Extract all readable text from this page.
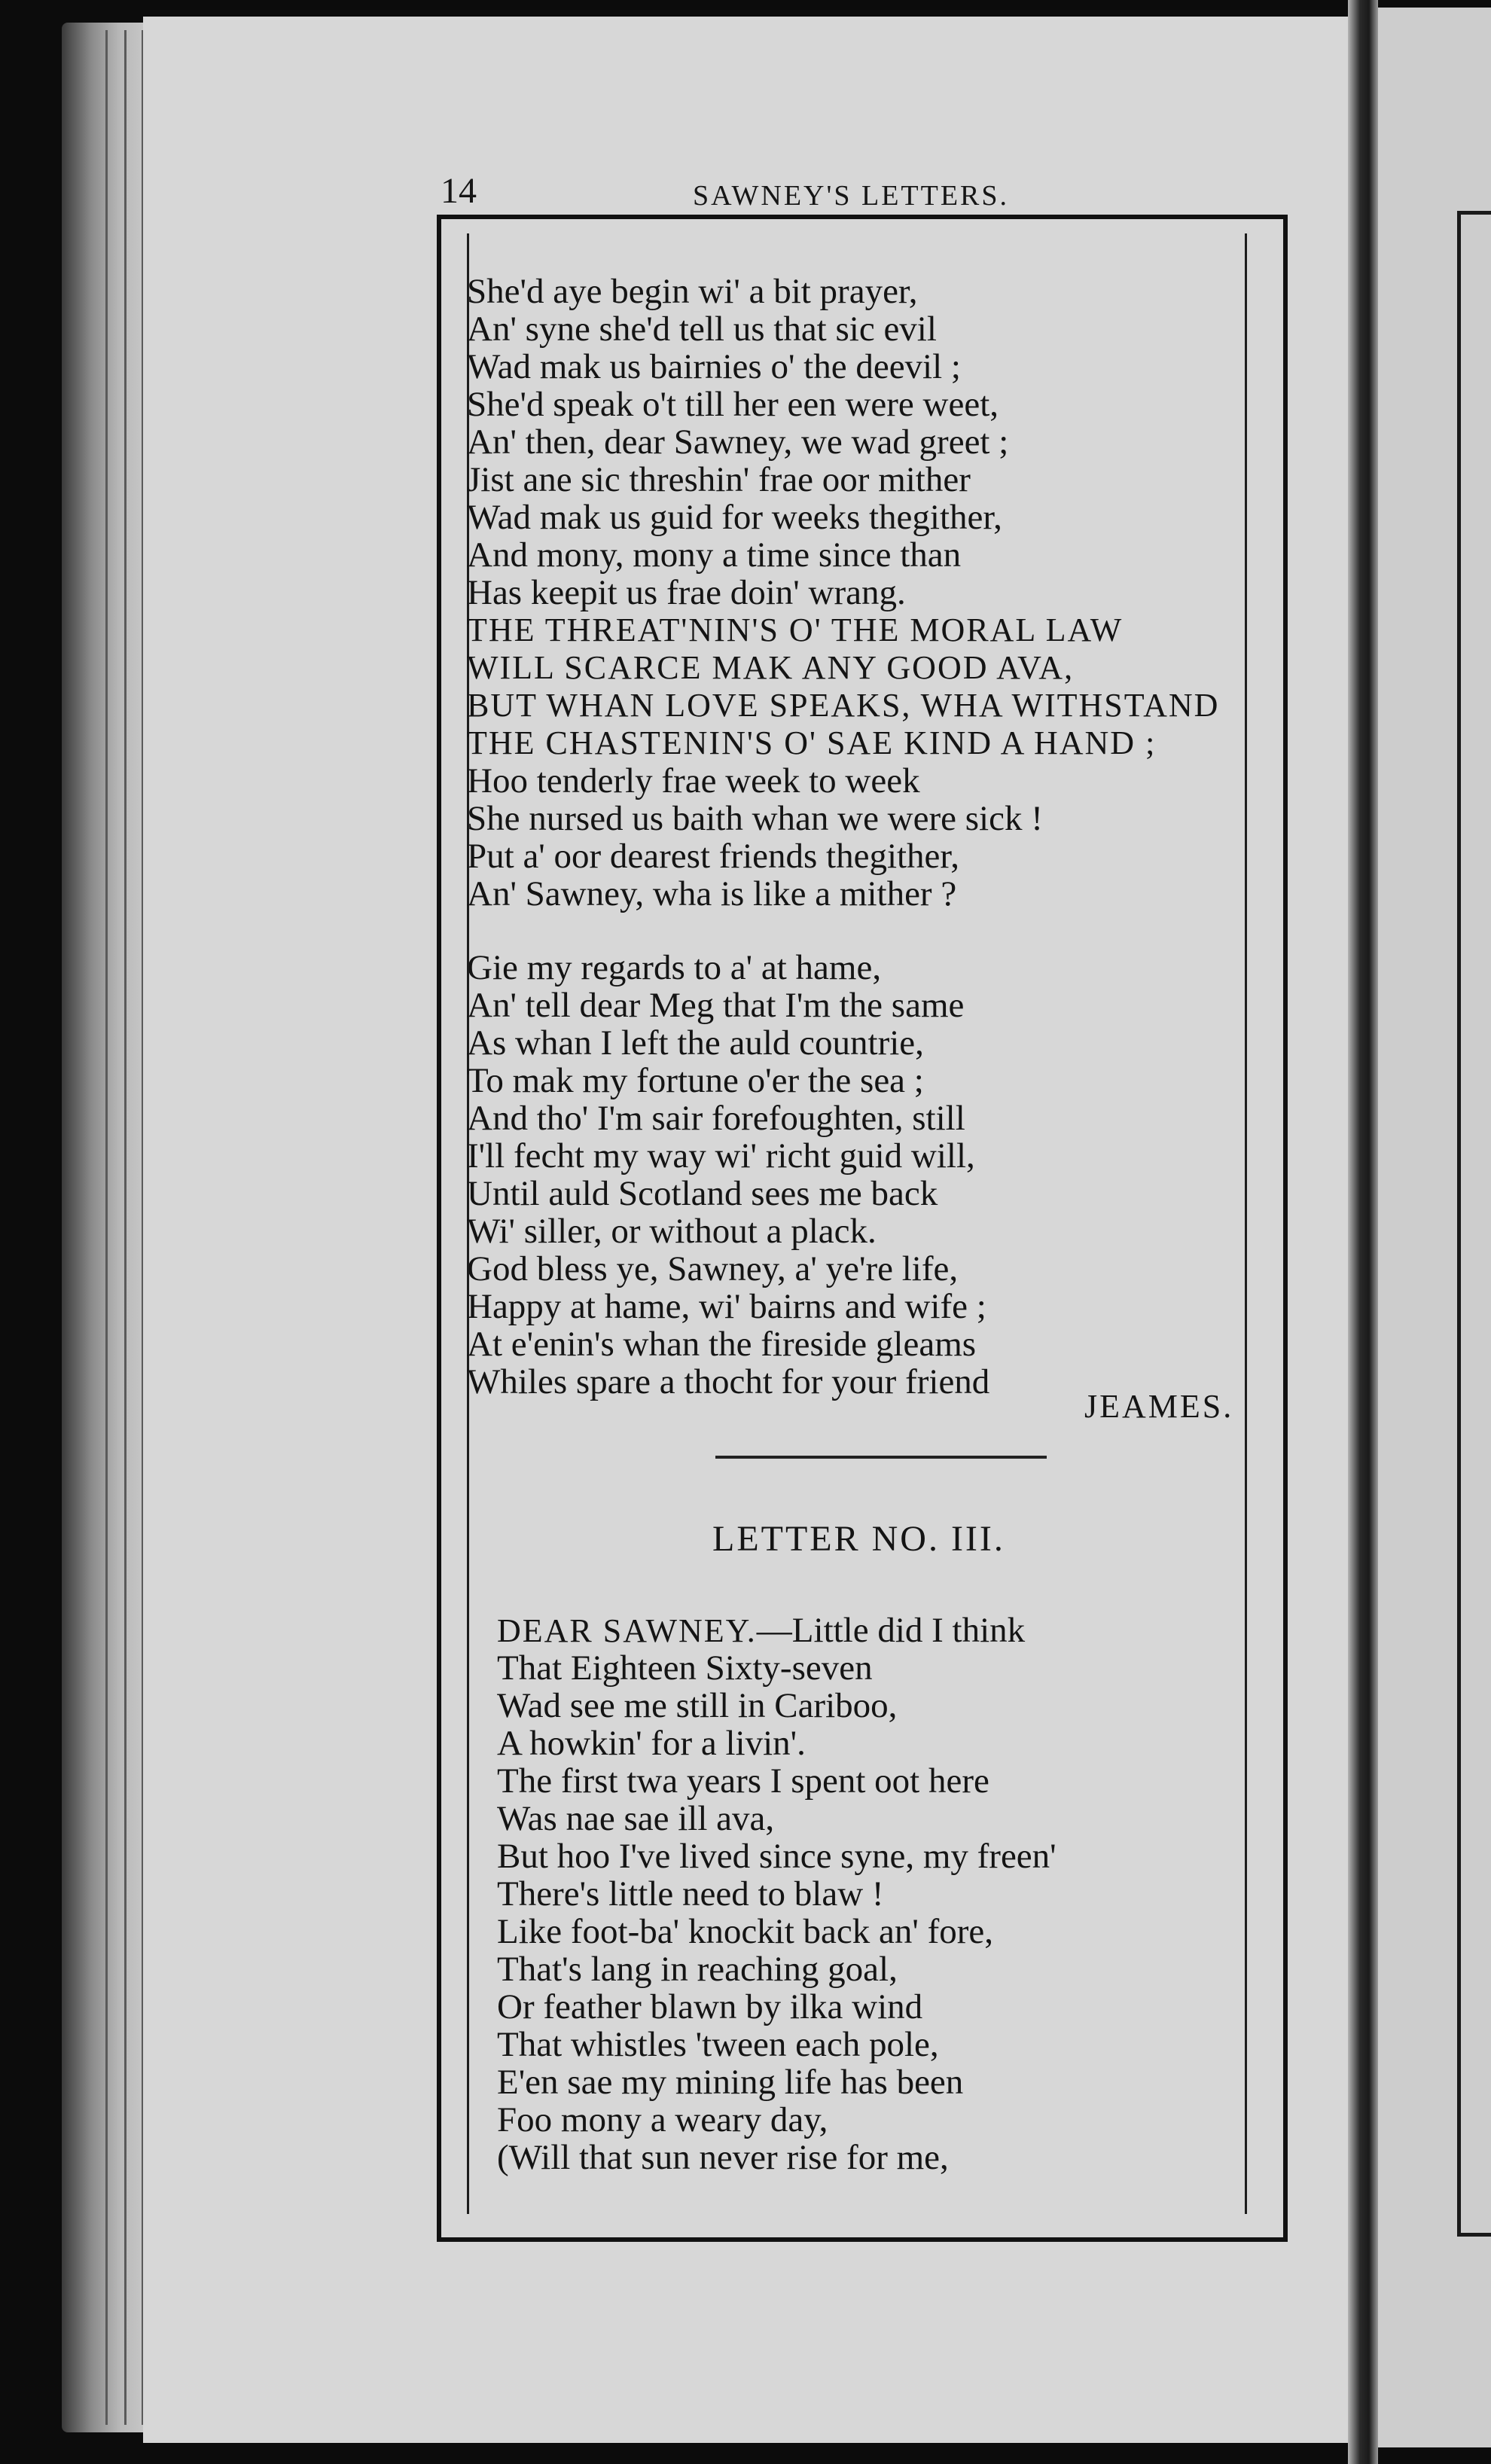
14	SAWNEY'S LETTERS.
She'd aye begin wi' a bit prayer,
An' syne she'd tell us that sic evil
Wad mak us bairnies o' the deevil ;
She'd speak o't till her een were weet,
An' then, dear Sawney, we wad greet ;
Jist ane sic threshin' frae oor mither
Wad mak us guid for weeks thegither,
And mony, mony a time since than
Has keepit us frae doin' wrang.
THE THREAT'NIN'S O' THE MORAL LAW
WILL SCARCE MAK ANY GOOD AVA,
BUT WHAN LOVE SPEAKS, WHA WITHSTAND
THE CHASTENIN'S O' SAE KIND A HAND ;
Hoo tenderly frae week to week
She nursed us baith whan we were sick !
Put a' oor dearest friends thegither,
An' Sawney, wha is like a mither ?
Gie my regards to a' at hame,
An' tell dear Meg that I'm the same
As whan I left the auld countrie,
To mak my fortune o'er the sea ;
And tho' I'm sair forefoughten, still
I'll fecht my way wi' richt guid will,
Until auld Scotland sees me back
Wi' siller, or without a plack.
God bless ye, Sawney, a' ye're life,
Happy at hame, wi' bairns and wife ;
At e'enin's whan the fireside gleams
Whiles spare a thocht for your friend
JEAMES.
LETTER NO. III.
DEAR SAWNEY.—Little did I think
That Eighteen Sixty-seven
Wad see me still in Cariboo,
A howkin' for a livin'.
The first twa years I spent oot here
Was nae sae ill ava,
But hoo I've lived since syne, my freen'
There's little need to blaw !
Like foot-ba' knockit back an' fore,
That's lang in reaching goal,
Or feather blawn by ilka wind
That whistles 'tween each pole,
E'en sae my mining life has been
Foo mony a weary day,
(Will that sun never rise for me,
